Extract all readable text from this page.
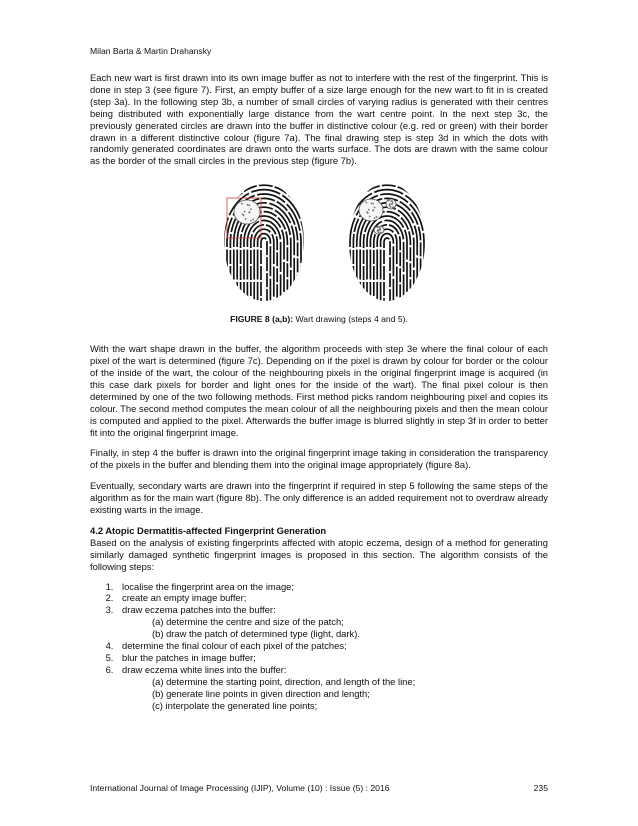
Milan Barta & Martin Drahansky

Each new wart is first drawn into its own image buffer as not to interfere with the rest of the fingerprint. This is done in step 3 (see figure 7). First, an empty buffer of a size large enough for the new wart to fit in is created (step 3a). In the following step 3b, a number of small circles of varying radius is generated with their centres being distributed with exponentially large distance from the wart centre point. In the next step 3c, the previously generated circles are drawn into the buffer in distinctive colour (e.g. red or green) with their border drawn in a different distinctive colour (figure 7a). The final drawing step is step 3d in which the dots with randomly generated coordinates are drawn onto the warts surface. The dots are drawn with the same colour as the border of the small circles in the previous step (figure 7b).

FIGURE 8 (a,b): Wart drawing (steps 4 and 5).

With the wart shape drawn in the buffer, the algorithm proceeds with step 3e where the final colour of each pixel of the wart is determined (figure 7c). Depending on if the pixel is drawn by colour for border or the colour of the inside of the wart, the colour of the neighbouring pixels in the original fingerprint image is acquired (in this case dark pixels for border and light ones for the inside of the wart). The final pixel colour is then determined by one of the two following methods. First method picks random neighbouring pixel and copies its colour. The second method computes the mean colour of all the neighbouring pixels and then the mean colour is computed and applied to the pixel. Afterwards the buffer image is blurred slightly in step 3f in order to better fit into the original fingerprint image.

Finally, in step 4 the buffer is drawn into the original fingerprint image taking in consideration the transparency of the pixels in the buffer and blending them into the original image appropriately (figure 8a).

Eventually, secondary warts are drawn into the fingerprint if required in step 5 following the same steps of the algorithm as for the main wart (figure 8b). The only difference is an added requirement not to overdraw already existing warts in the image.

4.2 Atopic Dermatitis-affected Fingerprint Generation

Based on the analysis of existing fingerprints affected with atopic eczema, design of a method for generating similarly damaged synthetic fingerprint images is proposed in this section. The algorithm consists of the following steps:

1. localise the fingerprint area on the image;
2. create an empty image buffer;
3. draw eczema patches into the buffer:
(a) determine the centre and size of the patch;
(b) draw the patch of determined type (light, dark).
4. determine the final colour of each pixel of the patches;
5. blur the patches in image buffer;
6. draw eczema white lines into the buffer:
(a) determine the starting point, direction, and length of the line;
(b) generate line points in given direction and length;
(c) interpolate the generated line points;
International Journal of Image Processing (IJIP), Volume (10) : Issue (5) : 2016	235
